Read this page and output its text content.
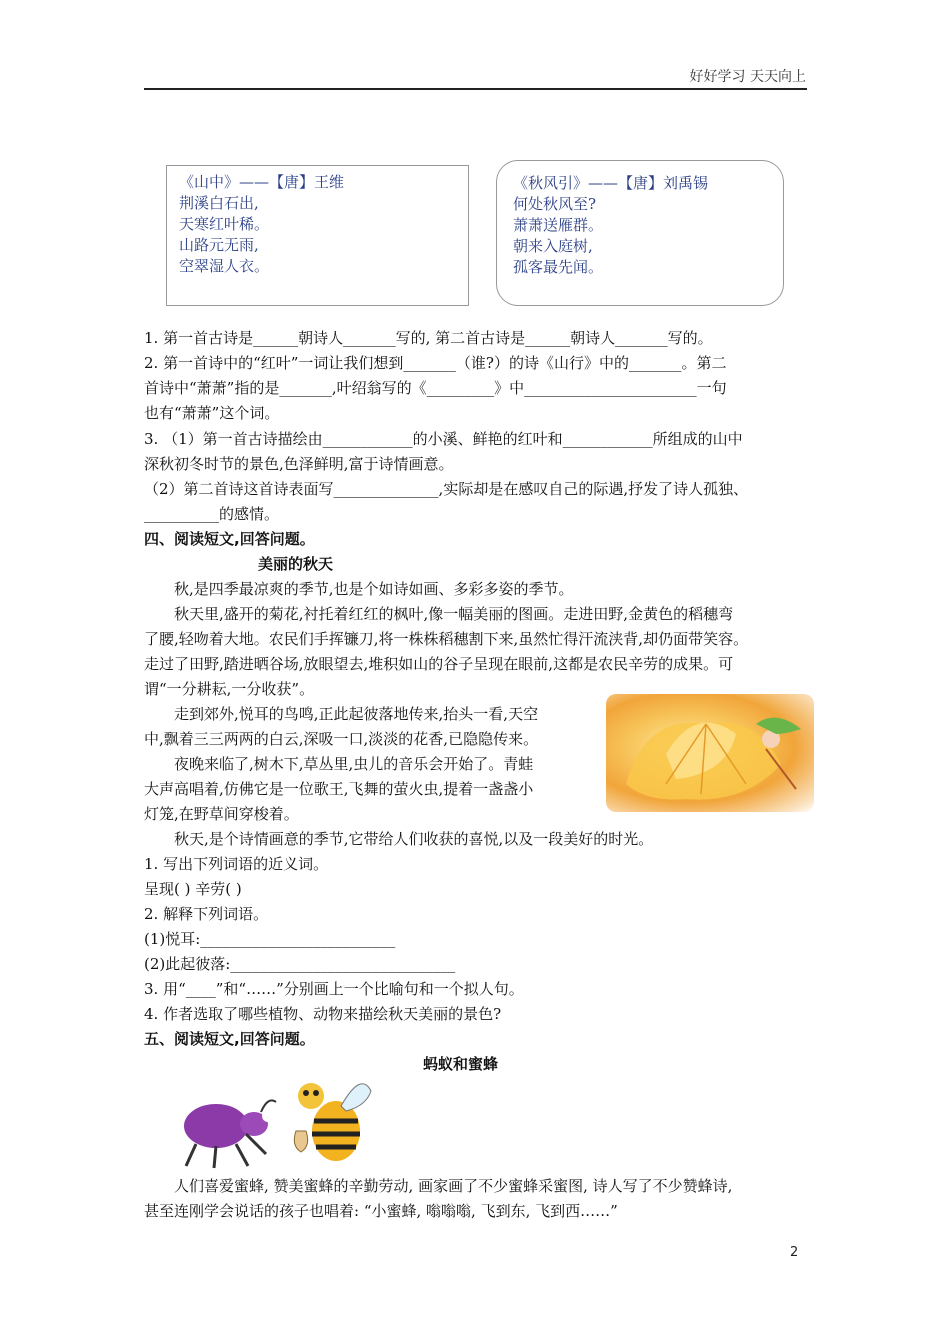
好好学习 天天向上
《山中》——【唐】王维
荆溪白石出,
天寒红叶稀。
山路元无雨,
空翠湿人衣。
《秋风引》——【唐】刘禹锡
何处秋风至?
萧萧送雁群。
朝来入庭树,
孤客最先闻。
1. 第一首古诗是______朝诗人_______写的, 第二首古诗是______朝诗人_______写的。
2. 第一首诗中的“红叶”一词让我们想到_______（谁?）的诗《山行》中的_______。第二
首诗中“萧萧”指的是_______,叶绍翁写的《_________》中_______________________一句
也有“萧萧”这个词。
3. （1）第一首古诗描绘由____________的小溪、鲜艳的红叶和____________所组成的山中
深秋初冬时节的景色,色泽鲜明,富于诗情画意。
（2）第二首诗这首诗表面写______________,实际却是在感叹自己的际遇,抒发了诗人孤独、
__________的感情。
四、阅读短文,回答问题。
美丽的秋天
秋,是四季最凉爽的季节,也是个如诗如画、多彩多姿的季节。
秋天里,盛开的菊花,衬托着红红的枫叶,像一幅美丽的图画。走进田野,金黄色的稻穗弯
了腰,轻吻着大地。农民们手挥镰刀,将一株株稻穗割下来,虽然忙得汗流浃背,却仍面带笑容。
走过了田野,踏进晒谷场,放眼望去,堆积如山的谷子呈现在眼前,这都是农民辛劳的成果。可
谓“一分耕耘,一分收获”。
走到郊外,悦耳的鸟鸣,正此起彼落地传来,抬头一看,天空
中,飘着三三两两的白云,深吸一口,淡淡的花香,已隐隐传来。
夜晚来临了,树木下,草丛里,虫儿的音乐会开始了。青蛙
大声高唱着,仿佛它是一位歌王,飞舞的萤火虫,提着一盏盏小
灯笼,在野草间穿梭着。
秋天,是个诗情画意的季节,它带给人们收获的喜悦,以及一段美好的时光。
1. 写出下列词语的近义词。
呈现( ) 辛劳( )
2. 解释下列词语。
(1)悦耳:__________________________
(2)此起彼落:______________________________
3. 用“____”和“……”分别画上一个比喻句和一个拟人句。
4. 作者选取了哪些植物、动物来描绘秋天美丽的景色?
五、阅读短文,回答问题。
蚂蚁和蜜蜂
人们喜爱蜜蜂, 赞美蜜蜂的辛勤劳动, 画家画了不少蜜蜂采蜜图, 诗人写了不少赞蜂诗,
甚至连刚学会说话的孩子也唱着: “小蜜蜂, 嗡嗡嗡, 飞到东, 飞到西……”
2
